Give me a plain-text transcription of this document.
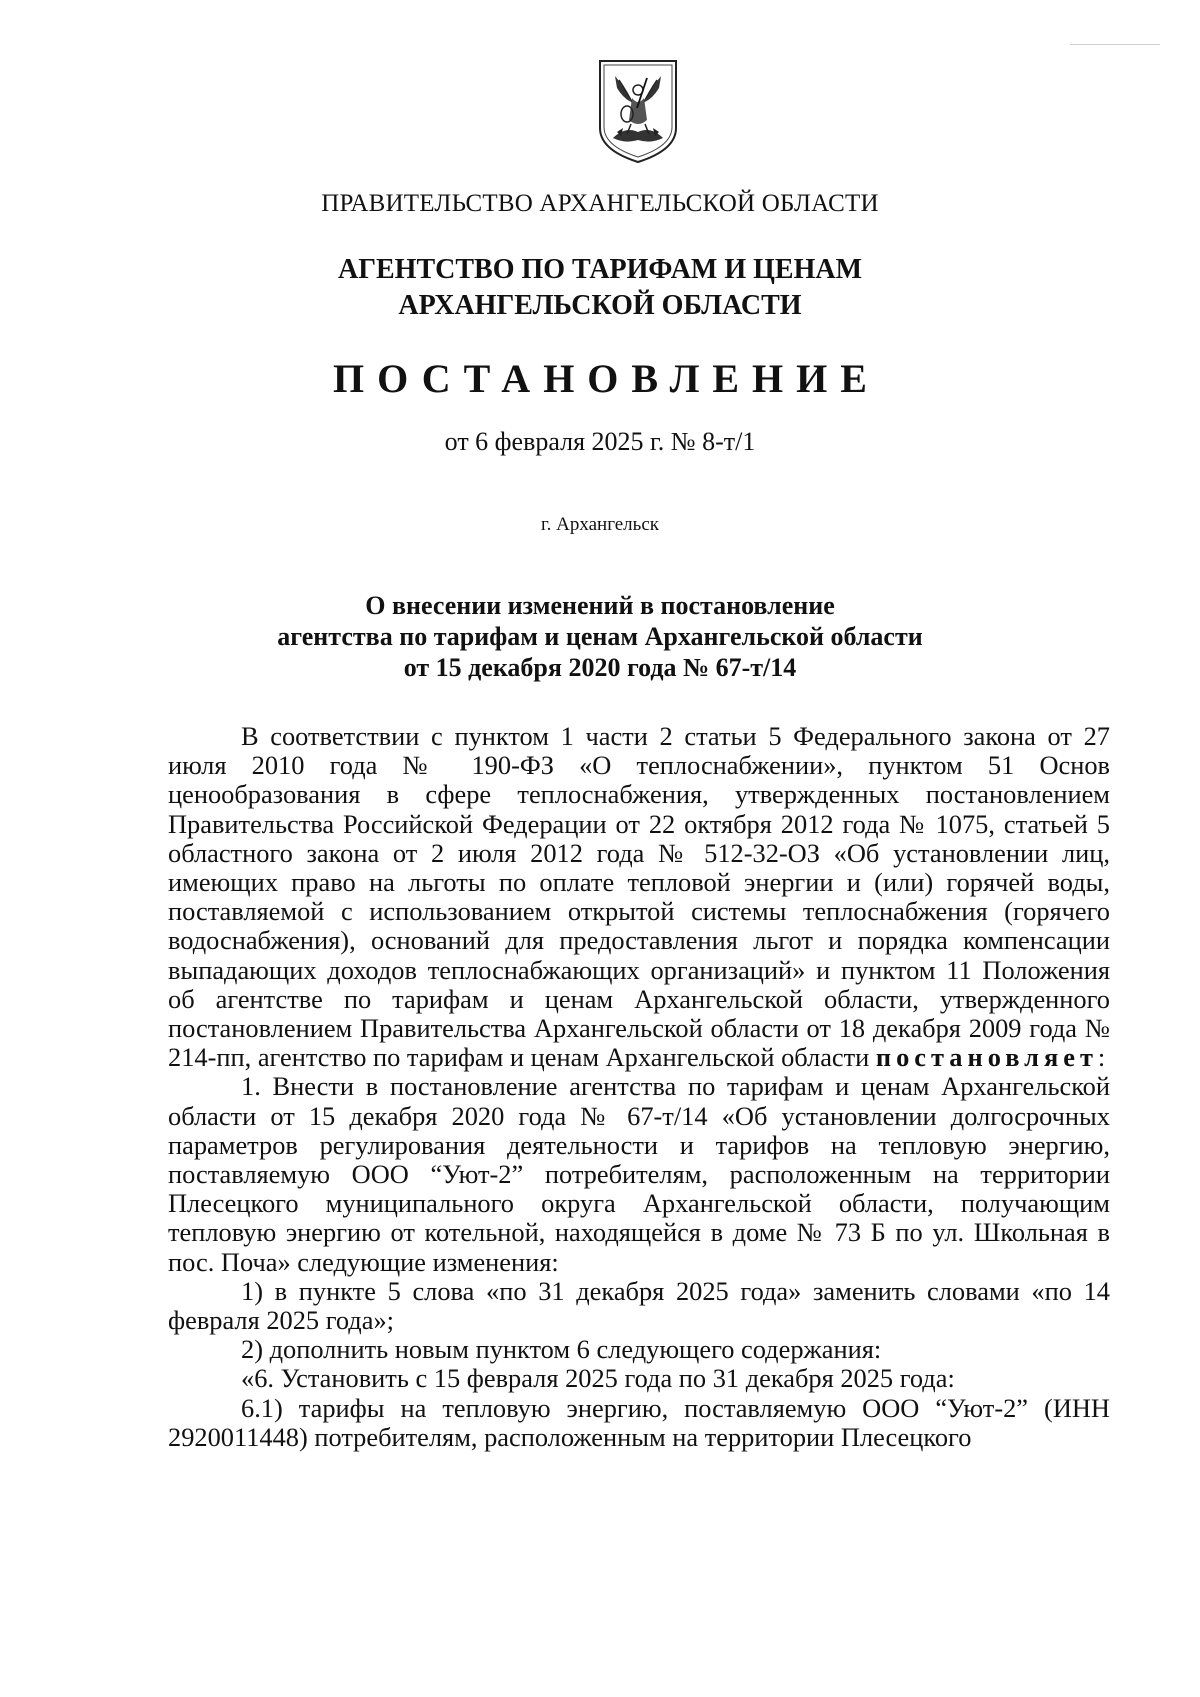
ПРАВИТЕЛЬСТВО АРХАНГЕЛЬСКОЙ ОБЛАСТИ
АГЕНТСТВО ПО ТАРИФАМ И ЦЕНАМ
АРХАНГЕЛЬСКОЙ ОБЛАСТИ
ПОСТАНОВЛЕНИЕ
от 6 февраля 2025 г. № 8-т/1
г. Архангельск
О внесении изменений в постановление
агентства по тарифам и ценам Архангельской области
от 15 декабря 2020 года № 67-т/14

В соответствии с пунктом 1 части 2 статьи 5 Федерального закона от 27 июля 2010 года № 190-ФЗ «О теплоснабжении», пунктом 51 Основ ценообразования в сфере теплоснабжения, утвержденных постановлением Правительства Российской Федерации от 22 октября 2012 года № 1075, статьей 5 областного закона от 2 июля 2012 года № 512-32-ОЗ «Об установлении лиц, имеющих право на льготы по оплате тепловой энергии и (или) горячей воды, поставляемой с использованием открытой системы теплоснабжения (горячего водоснабжения), оснований для предоставления льгот и порядка компенсации выпадающих доходов теплоснабжающих организаций» и пунктом 11 Положения об агентстве по тарифам и ценам Архангельской области, утвержденного постановлением Правительства Архангельской области от 18 декабря 2009 года № 214-пп, агентство по тарифам и ценам Архангельской области постановляет:

1. Внести в постановление агентства по тарифам и ценам Архангельской области от 15 декабря 2020 года № 67-т/14 «Об установлении долгосрочных параметров регулирования деятельности и тарифов на тепловую энергию, поставляемую ООО “Уют-2” потребителям, расположенным на территории Плесецкого муниципального округа Архангельской области, получающим тепловую энергию от котельной, находящейся в доме № 73 Б по ул. Школьная в пос. Поча» следующие изменения:

1) в пункте 5 слова «по 31 декабря 2025 года» заменить словами «по 14 февраля 2025 года»;

2) дополнить новым пунктом 6 следующего содержания:

«6. Установить с 15 февраля 2025 года по 31 декабря 2025 года:

6.1) тарифы на тепловую энергию, поставляемую ООО “Уют-2” (ИНН 2920011448) потребителям, расположенным на территории Плесецкого
